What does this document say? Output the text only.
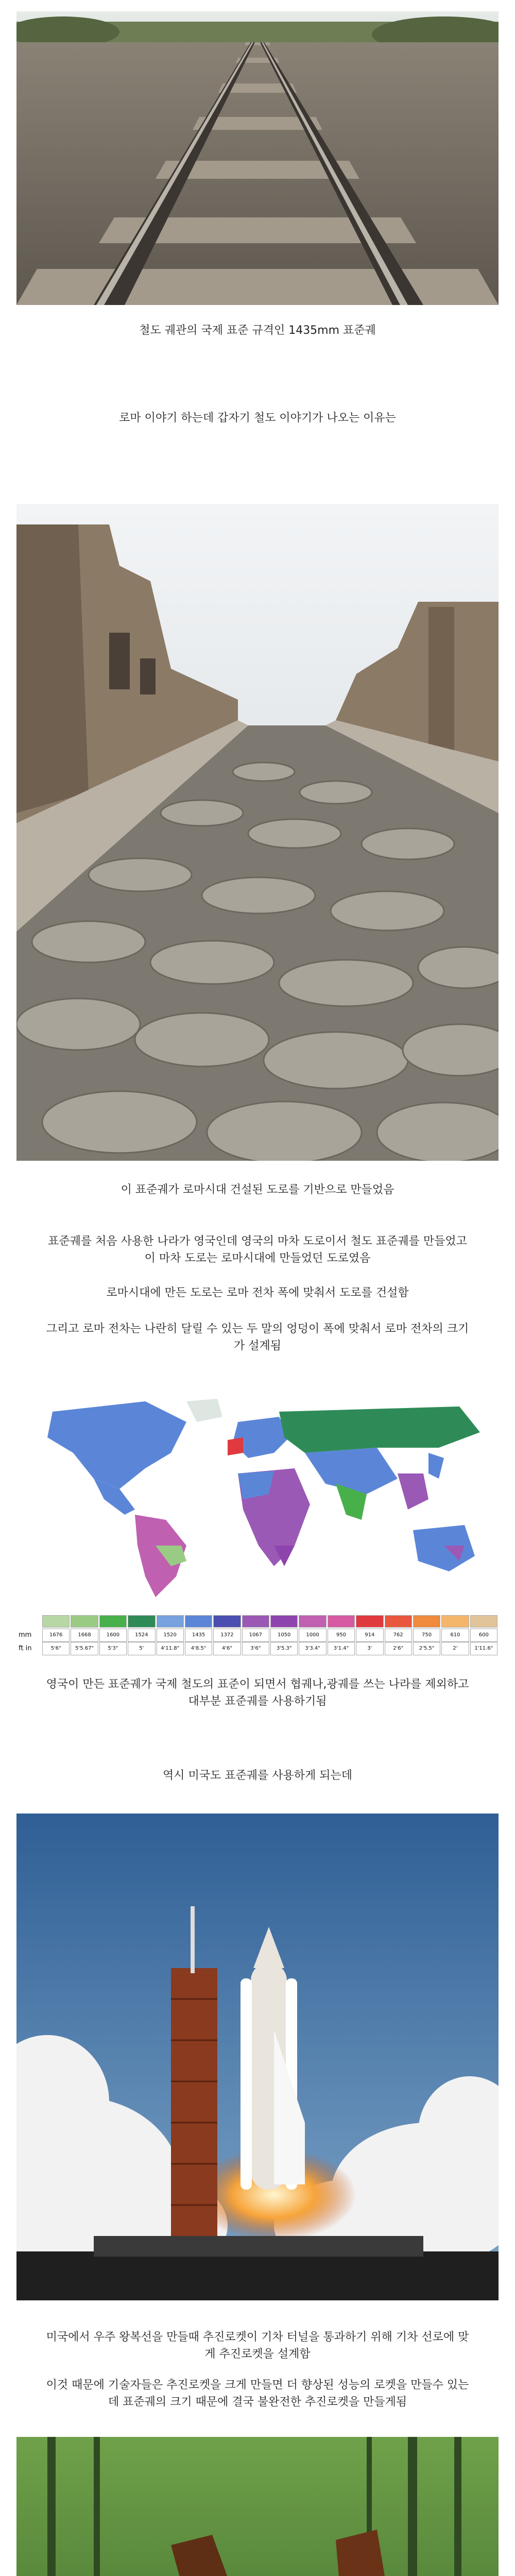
철도 궤관의 국제 표준 규격인 1435mm 표준궤

로마 이야기 하는데 갑자기 철도 이야기가 나오는 이유는

이 표준궤가 로마시대 건설된 도로를 기반으로 만들었음

표준궤를 처음 사용한 나라가 영국인데 영국의 마차 도로이서 철도 표준궤를 만들었고

이 마차 도로는 로마시대에 만들었던 도로였음

로마시대에 만든 도로는 로마 전차 폭에 맞춰서 도로를 건설함

그리고 로마 전차는 나란히 달릴 수 있는 두 말의 엉덩이 폭에 맞춰서 로마 전차의 크기

가 설계됨

mm	1676	1668	1600	1524	1520	1435	1372	1067	1050	1000	950	914	762	750	610	600
ft in	5'6"	5'5.67"	5'3"	5'	4'11.8"	4'8.5"	4'6"	3'6"	3'5.3"	3'3.4"	3'1.4"	3'	2'6"	2'5.5"	2'	1'11.6"

영국이 만든 표준궤가 국제 철도의 표준이 되면서 협궤나,광궤를 쓰는 나라를 제외하고

대부분 표준궤를 사용하기됨

역시 미국도 표준궤를 사용하게 되는데

미국에서 우주 왕복선을 만들때 추진로켓이 기차 터널을 통과하기 위해 기차 선로에 맞

게 추진로켓을 설계함

이것 때문에 기술자들은 추진로켓을 크게 만들면 더 향상된 성능의 로켓을 만들수 있는

데 표준궤의 크기 때문에 결국 불완전한 추진로켓을 만들게됨
